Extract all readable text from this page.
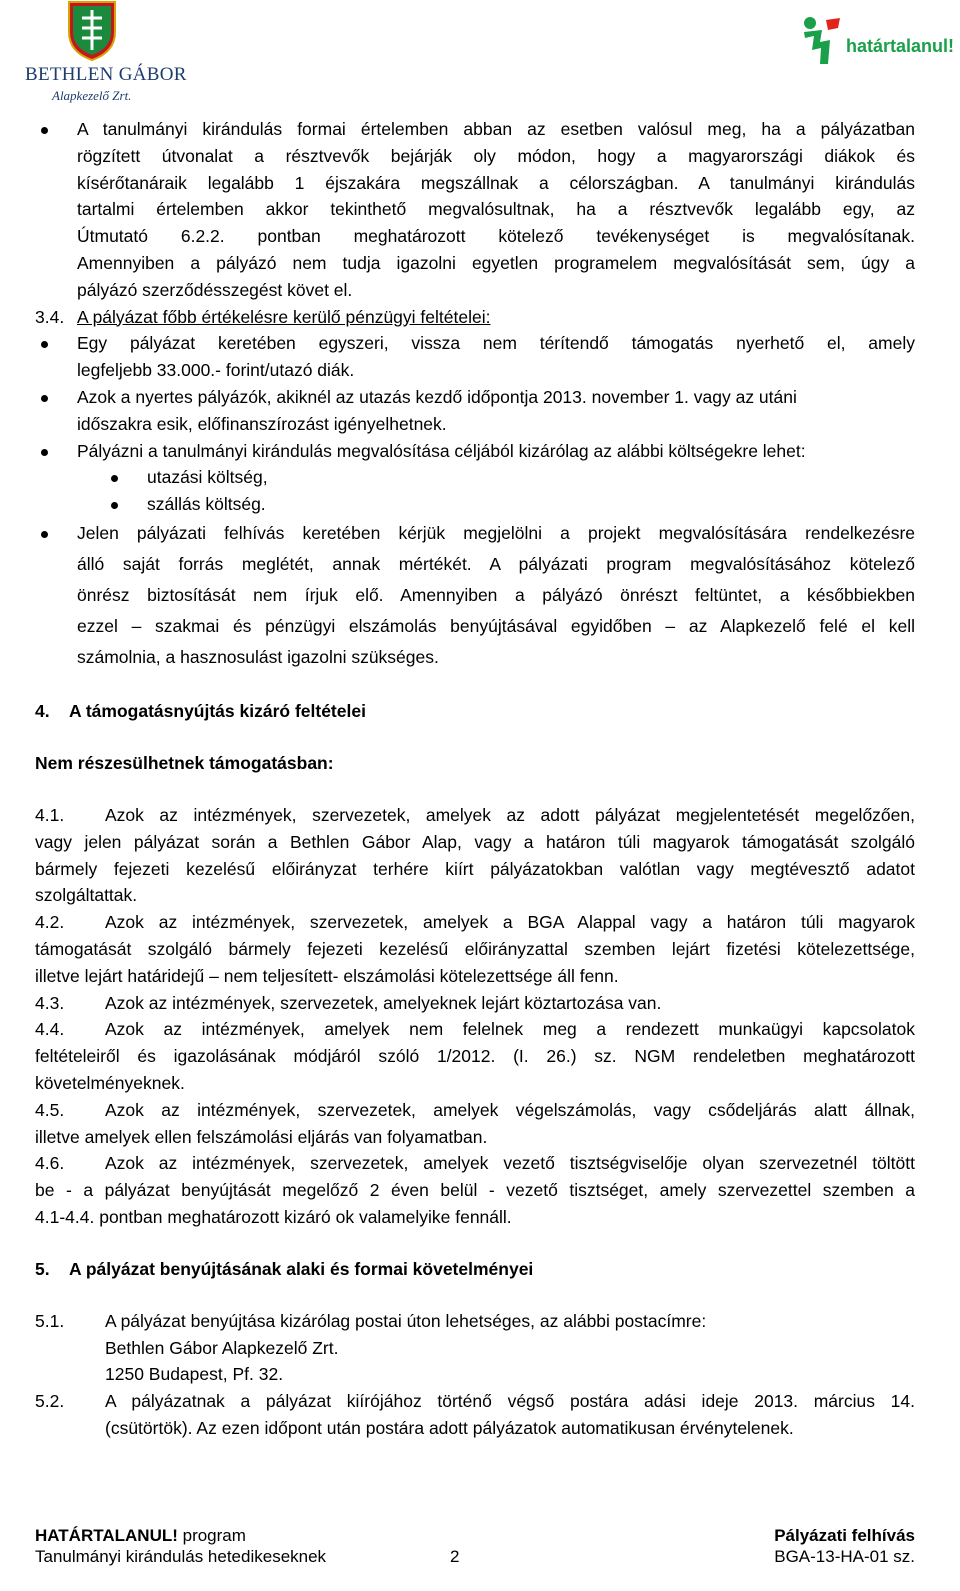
BETHLEN GÁBOR
Alapkezelő Zrt.
határtalanul!
A tanulmányi kirándulás formai értelemben abban az esetben valósul meg, ha a pályázatban
rögzített útvonalat a résztvevők bejárják oly módon, hogy a magyarországi diákok és
kísérőtanáraik legalább 1 éjszakára megszállnak a célországban. A tanulmányi kirándulás
tartalmi értelemben akkor tekinthető megvalósultnak, ha a résztvevők legalább egy, az
Útmutató 6.2.2. pontban meghatározott kötelező tevékenységet is megvalósítanak.
Amennyiben a pályázó nem tudja igazolni egyetlen programelem megvalósítását sem, úgy a
pályázó szerződésszegést követ el.
3.4. A pályázat főbb értékelésre kerülő pénzügyi feltételei:
Egy pályázat keretében egyszeri, vissza nem térítendő támogatás nyerhető el, amely
legfeljebb 33.000.- forint/utazó diák.
Azok a nyertes pályázók, akiknél az utazás kezdő időpontja 2013. november 1. vagy az utáni
időszakra esik, előfinanszírozást igényelhetnek.
Pályázni a tanulmányi kirándulás megvalósítása céljából kizárólag az alábbi költségekre lehet:
utazási költség,
szállás költség.
Jelen pályázati felhívás keretében kérjük megjelölni a projekt megvalósítására rendelkezésre
álló saját forrás meglétét, annak mértékét. A pályázati program megvalósításához kötelező
önrész biztosítását nem írjuk elő. Amennyiben a pályázó önrészt feltüntet, a későbbiekben
ezzel – szakmai és pénzügyi elszámolás benyújtásával egyidőben – az Alapkezelő felé el kell
számolnia, a hasznosulást igazolni szükséges.
4. A támogatásnyújtás kizáró feltételei
Nem részesülhetnek támogatásban:
4.1. Azok az intézmények, szervezetek, amelyek az adott pályázat megjelentetését megelőzően,
vagy jelen pályázat során a Bethlen Gábor Alap, vagy a határon túli magyarok támogatását szolgáló
bármely fejezeti kezelésű előirányzat terhére kiírt pályázatokban valótlan vagy megtévesztő adatot
szolgáltattak.
4.2. Azok az intézmények, szervezetek, amelyek a BGA Alappal vagy a határon túli magyarok
támogatását szolgáló bármely fejezeti kezelésű előirányzattal szemben lejárt fizetési kötelezettsége,
illetve lejárt határidejű – nem teljesített- elszámolási kötelezettsége áll fenn.
4.3. Azok az intézmények, szervezetek, amelyeknek lejárt köztartozása van.
4.4. Azok az intézmények, amelyek nem felelnek meg a rendezett munkaügyi kapcsolatok
feltételeiről és igazolásának módjáról szóló 1/2012. (I. 26.) sz. NGM rendeletben meghatározott
követelményeknek.
4.5. Azok az intézmények, szervezetek, amelyek végelszámolás, vagy csődeljárás alatt állnak,
illetve amelyek ellen felszámolási eljárás van folyamatban.
4.6. Azok az intézmények, szervezetek, amelyek vezető tisztségviselője olyan szervezetnél töltött
be - a pályázat benyújtását megelőző 2 éven belül - vezető tisztséget, amely szervezettel szemben a
4.1-4.4. pontban meghatározott kizáró ok valamelyike fennáll.
5. A pályázat benyújtásának alaki és formai követelményei
5.1. A pályázat benyújtása kizárólag postai úton lehetséges, az alábbi postacímre:
Bethlen Gábor Alapkezelő Zrt.
1250 Budapest, Pf. 32.
5.2. A pályázatnak a pályázat kiírójához történő végső postára adási ideje 2013. március 14.
(csütörtök). Az ezen időpont után postára adott pályázatok automatikusan érvénytelenek.
HATÁRTALANUL! program	Pályázati felhívás
Tanulmányi kirándulás hetedikeseknek	2	BGA-13-HA-01 sz.
